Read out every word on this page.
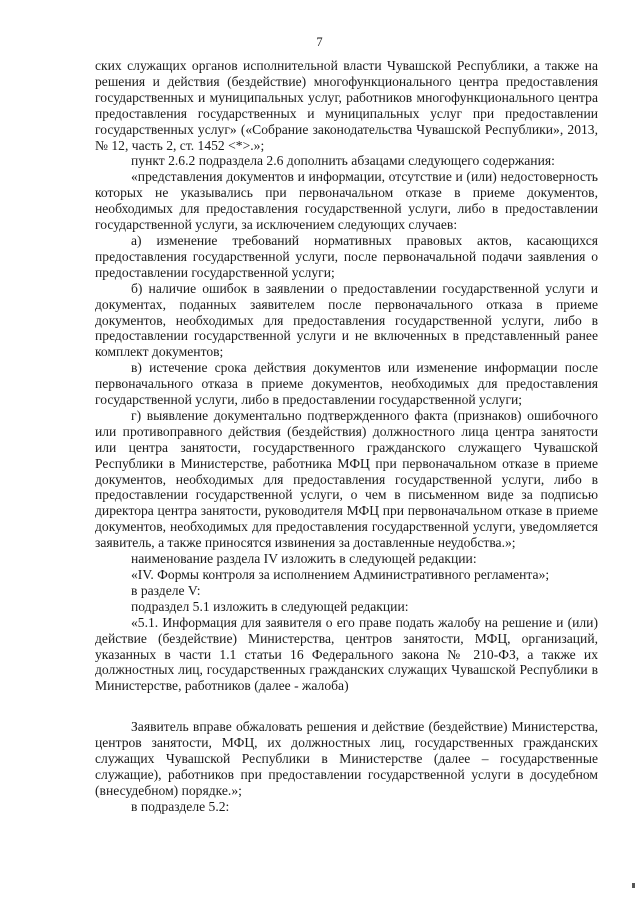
7

ских служащих органов исполнительной власти Чувашской Республики, а также на решения и действия (бездействие) многофункционального центра предоставления государственных и муниципальных услуг, работников многофункционального центра предоставления государственных и муниципальных услуг при предоставлении государственных услуг» («Собрание законодательства Чувашской Республики», 2013, № 12, часть 2, ст. 1452 <*>.»;

пункт 2.6.2 подраздела 2.6 дополнить абзацами следующего содержания:

«представления документов и информации, отсутствие и (или) недостоверность которых не указывались при первоначальном отказе в приеме документов, необходимых для предоставления государственной услуги, либо в предоставлении государственной услуги, за исключением следующих случаев:

а) изменение требований нормативных правовых актов, касающихся предоставления государственной услуги, после первоначальной подачи заявления о предоставлении государственной услуги;

б) наличие ошибок в заявлении о предоставлении государственной услуги и документах, поданных заявителем после первоначального отказа в приеме документов, необходимых для предоставления государственной услуги, либо в предоставлении государственной услуги и не включенных в представленный ранее комплект документов;

в) истечение срока действия документов или изменение информации после первоначального отказа в приеме документов, необходимых для предоставления государственной услуги, либо в предоставлении государственной услуги;

г) выявление документально подтвержденного факта (признаков) ошибочного или противоправного действия (бездействия) должностного лица центра занятости или центра занятости, государственного гражданского служащего Чувашской Республики в Министерстве, работника МФЦ при первоначальном отказе в приеме документов, необходимых для предоставления государственной услуги, либо в предоставлении государственной услуги, о чем в письменном виде за подписью директора центра занятости, руководителя МФЦ при первоначальном отказе в приеме документов, необходимых для предоставления государственной услуги, уведомляется заявитель, а также приносятся извинения за доставленные неудобства.»;

наименование раздела IV изложить в следующей редакции:

«IV. Формы контроля за исполнением Административного регламента»;

в разделе V:

подраздел 5.1 изложить в следующей редакции:

«5.1. Информация для заявителя о его праве подать жалобу на решение и (или) действие (бездействие) Министерства, центров занятости, МФЦ, организаций, указанных в части 1.1 статьи 16 Федерального закона № 210-ФЗ, а также их должностных лиц, государственных гражданских служащих Чувашской Республики в Министерстве, работников (далее - жалоба)

Заявитель вправе обжаловать решения и действие (бездействие) Министерства, центров занятости, МФЦ, их должностных лиц, государственных гражданских служащих Чувашской Республики в Министерстве (далее – государственные служащие), работников при предоставлении государственной услуги в досудебном (внесудебном) порядке.»;

в подразделе 5.2:
